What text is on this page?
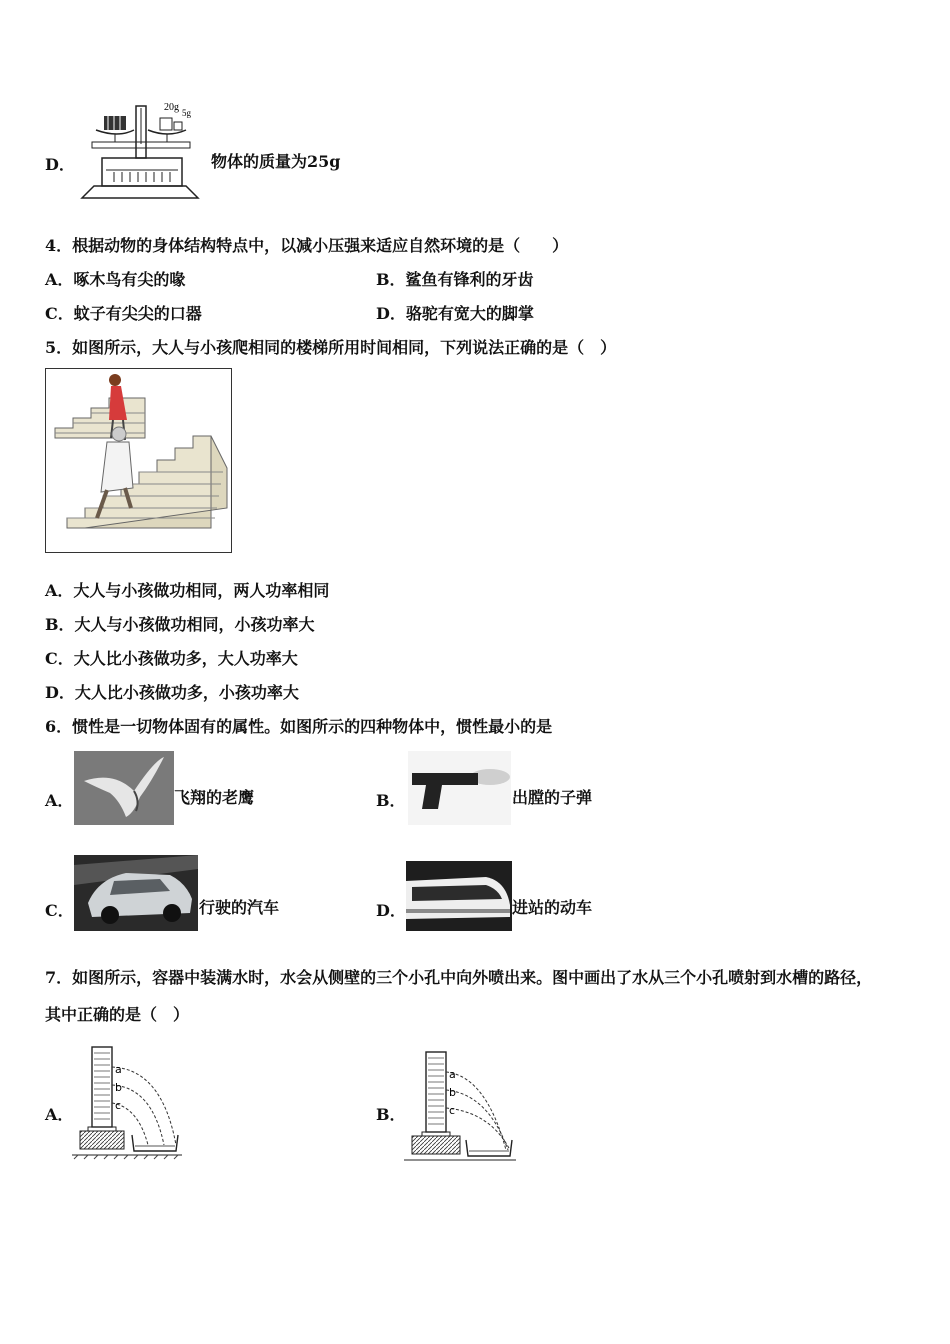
D．
20g 5g
物体的质量为25g
4．根据动物的身体结构特点中，以减小压强来适应自然环境的是（　　）
A．啄木鸟有尖的喙	B．鲨鱼有锋利的牙齿
C．蚊子有尖尖的口器	D．骆驼有宽大的脚掌
5．如图所示，大人与小孩爬相同的楼梯所用时间相同，下列说法正确的是（　）
A．大人与小孩做功相同，两人功率相同
B．大人与小孩做功相同，小孩功率大
C．大人比小孩做功多，大人功率大
D．大人比小孩做功多，小孩功率大
6．惯性是一切物体固有的属性。如图所示的四种物体中，惯性最小的是
A．	飞翔的老鹰	B．	出膛的子弹
C．	行驶的汽车	D．	进站的动车
7．如图所示，容器中装满水时，水会从侧壁的三个小孔中向外喷出来。图中画出了水从三个小孔喷射到水槽的路径，
其中正确的是（　）
A．
a
b
c	B．
a
b
c
